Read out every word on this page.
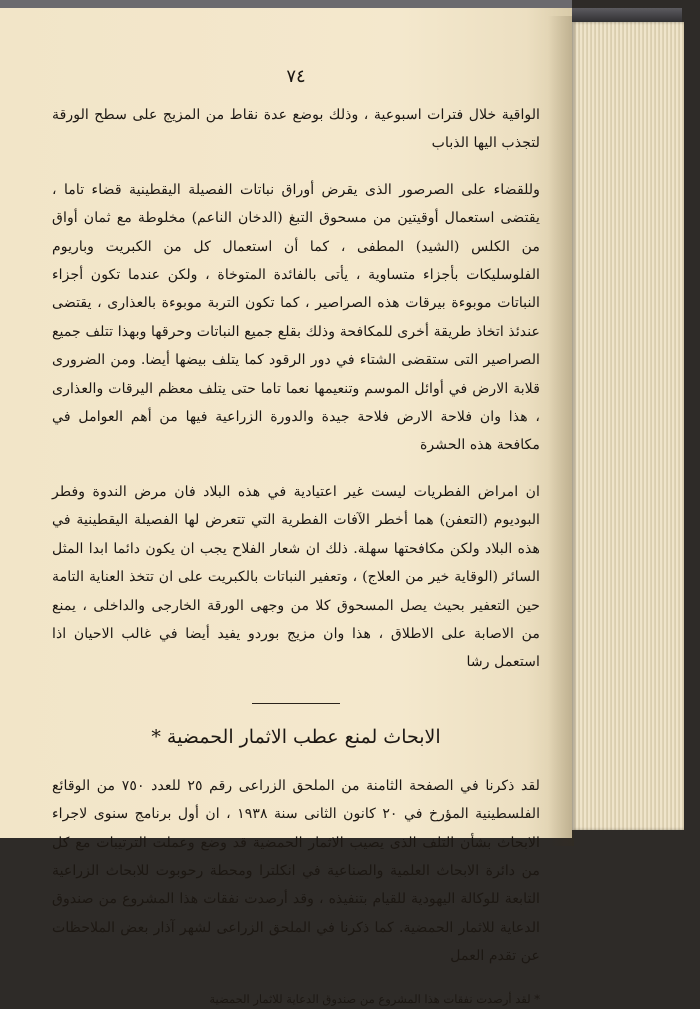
٧٤

الواقية خلال فترات اسبوعية ، وذلك بوضع عدة نقاط من المزيج على سطح الورقة لتجذب اليها الذباب

وللقضاء على الصرصور الذى يقرض أوراق نباتات الفصيلة اليقطينية قضاء تاما ، يقتضى استعمال أوقيتين من مسحوق التبغ (الدخان الناعم) مخلوطة مع ثمان أواق من الكلس (الشيد) المطفى ، كما أن استعمال كل من الكبريت وباريوم الفلوسليكات بأجزاء متساوية ، يأتى بالفائدة المتوخاة ، ولكن عندما تكون أجزاء النباتات موبوءة بيرقات هذه الصراصير ، كما تكون التربة موبوءة بالعذارى ، يقتضى عندئذ اتخاذ طريقة أخرى للمكافحة وذلك بقلع جميع النباتات وحرقها وبهذا تتلف جميع الصراصير التى ستقضى الشتاء في دور الرقود كما يتلف بيضها أيضا. ومن الضرورى قلابة الارض في أوائل الموسم وتنعيمها نعما تاما حتى يتلف معظم اليرقات والعذارى ، هذا وان فلاحة الارض فلاحة جيدة والدورة الزراعية فيها من أهم العوامل في مكافحة هذه الحشرة

ان امراض الفطريات ليست غير اعتيادية في هذه البلاد فان مرض الندوة وفطر البوديوم (التعفن) هما أخطر الآفات الفطرية التي تتعرض لها الفصيلة اليقطينية في هذه البلاد ولكن مكافحتها سهلة. ذلك ان شعار الفلاح يجب ان يكون دائما ابدا المثل السائر (الوقاية خير من العلاج) ، وتعفير النباتات بالكبريت على ان تتخذ العناية التامة حين التعفير بحيث يصل المسحوق كلا من وجهى الورقة الخارجى والداخلى ، يمنع من الاصابة على الاطلاق ، هذا وان مزيج بوردو يفيد أيضا في غالب الاحيان اذا استعمل رشا

الابحاث لمنع عطب الاثمار الحمضية *

لقد ذكرنا في الصفحة الثامنة من الملحق الزراعى رقم ٢٥ للعدد ٧٥٠ من الوقائع الفلسطينية المؤرخ في ٢٠ كانون الثانى سنة ١٩٣٨ ، ان أول برنامج سنوى لاجراء الابحاث بشأن التلف الذى يصيب الاثمار الحمضية قد وضع وعملت الترتيبات مع كل من دائرة الابحاث العلمية والصناعية في انكلترا ومحطة رحوبوت للابحاث الزراعية التابعة للوكالة اليهودية للقيام بتنفيذه ، وقد أرصدت نفقات هذا المشروع من صندوق الدعاية للاثمار الحمضية. كما ذكرنا في الملحق الزراعى لشهر آذار بعض الملاحظات عن تقدم العمل

* لقد أرصدت نفقات هذا المشروع من صندوق الدعاية للاثمار الحمضية
